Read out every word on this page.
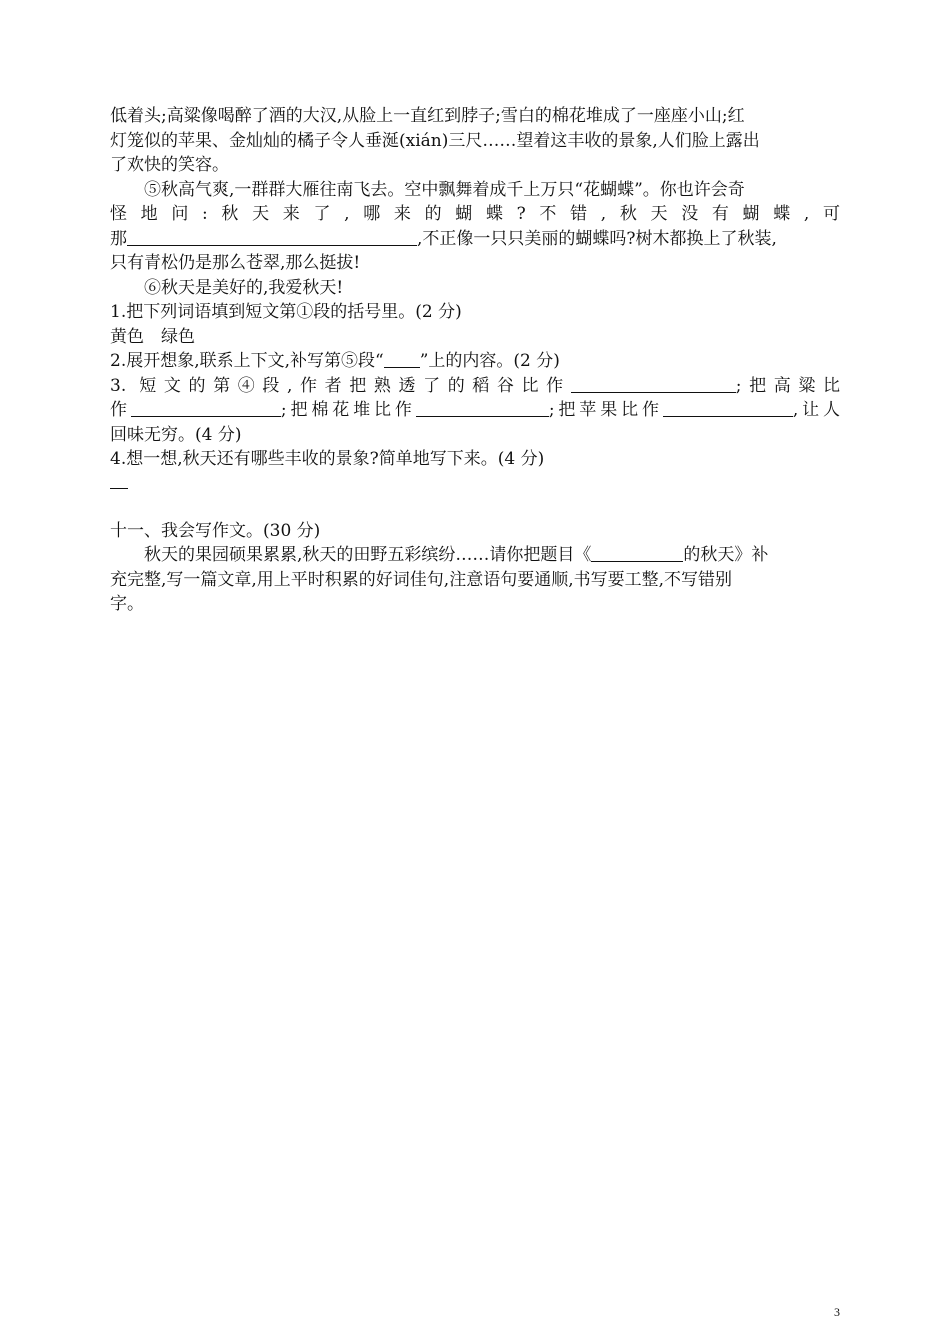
低着头;高粱像喝醉了酒的大汉,从脸上一直红到脖子;雪白的棉花堆成了一座座小山;红

灯笼似的苹果、金灿灿的橘子令人垂涎(xián)三尺……望着这丰收的景象,人们脸上露出

了欢快的笑容。

⑤秋高气爽,一群群大雁往南飞去。空中飘舞着成千上万只“花蝴蝶”。你也许会奇

怪地问:秋天来了,哪来的蝴蝶?不错,秋天没有蝴蝶,可

那	,不正像一只只美丽的蝴蝶吗?树木都换上了秋装,

只有青松仍是那么苍翠,那么挺拔!

⑥秋天是美好的,我爱秋天!

1.把下列词语填到短文第①段的括号里。(2 分)

黄色　绿色

2.展开想象,联系上下文,补写第⑤段“ ”上的内容。(2 分)

3. 短文的第④段,作者把熟透了的稻谷比作	;把高粱比

作	;把棉花堆比作	;把苹果比作	,让人

回味无穷。(4 分)

4.想一想,秋天还有哪些丰收的景象?简单地写下来。(4 分)

十一、我会写作文。(30 分)

秋天的果园硕果累累,秋天的田野五彩缤纷……请你把题目《	的秋天》补

充完整,写一篇文章,用上平时积累的好词佳句,注意语句要通顺,书写要工整,不写错别

字。

3
